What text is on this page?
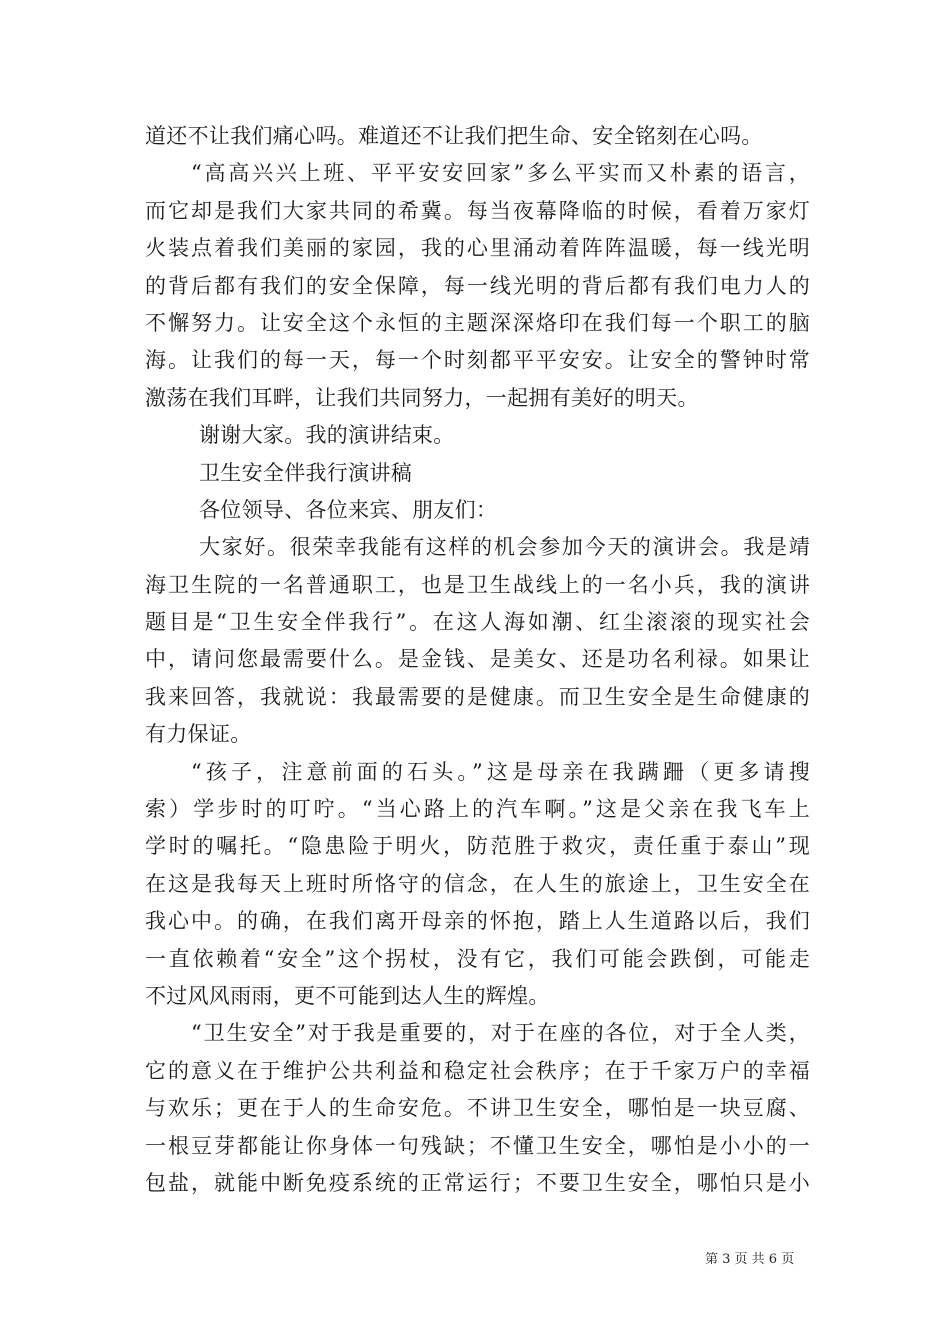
道还不让我们痛心吗。难道还不让我们把生命、安全铭刻在心吗。
“高高兴兴上班、平平安安回家”多么平实而又朴素的语言，
而它却是我们大家共同的希冀。每当夜幕降临的时候，看着万家灯
火装点着我们美丽的家园，我的心里涌动着阵阵温暖，每一线光明
的背后都有我们的安全保障，每一线光明的背后都有我们电力人的
不懈努力。让安全这个永恒的主题深深烙印在我们每一个职工的脑
海。让我们的每一天，每一个时刻都平平安安。让安全的警钟时常
激荡在我们耳畔，让我们共同努力，一起拥有美好的明天。
谢谢大家。我的演讲结束。
卫生安全伴我行演讲稿
各位领导、各位来宾、朋友们：
大家好。很荣幸我能有这样的机会参加今天的演讲会。我是靖
海卫生院的一名普通职工，也是卫生战线上的一名小兵，我的演讲
题目是“卫生安全伴我行”。在这人海如潮、红尘滚滚的现实社会
中，请问您最需要什么。是金钱、是美女、还是功名利禄。如果让
我来回答，我就说：我最需要的是健康。而卫生安全是生命健康的
有力保证。
“孩子，注意前面的石头。”这是母亲在我蹒跚（更多请搜
索）学步时的叮咛。“当心路上的汽车啊。”这是父亲在我飞车上
学时的嘱托。“隐患险于明火，防范胜于救灾，责任重于泰山”现
在这是我每天上班时所恪守的信念，在人生的旅途上，卫生安全在
我心中。的确，在我们离开母亲的怀抱，踏上人生道路以后，我们
一直依赖着“安全”这个拐杖，没有它，我们可能会跌倒，可能走
不过风风雨雨，更不可能到达人生的辉煌。
“卫生安全”对于我是重要的，对于在座的各位，对于全人类，
它的意义在于维护公共利益和稳定社会秩序；在于千家万户的幸福
与欢乐；更在于人的生命安危。不讲卫生安全，哪怕是一块豆腐、
一根豆芽都能让你身体一句残缺；不懂卫生安全，哪怕是小小的一
包盐，就能中断免疫系统的正常运行；不要卫生安全，哪怕只是小
第 3 页 共 6 页
